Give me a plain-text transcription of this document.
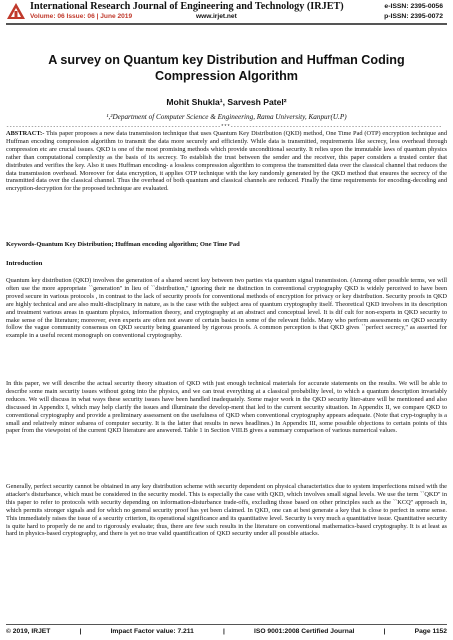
International Research Journal of Engineering and Technology (IRJET)
Volume: 06 Issue: 06 | June 2019	www.irjet.net
e-ISSN: 2395-0056
p-ISSN: 2395-0072
A survey on Quantum key Distribution and Huffman Coding Compression Algorithm
Mohit Shukla¹, Sarvesh Patel²
¹,²Department of Computer Science & Engineering, Rama University, Kanpur(U.P)
---------------------------------------------------------------------***--------------------------------------------------------------------
ABSTRACT:- This paper proposes a new data transmission technique that uses Quantum Key Distribution (QKD) method, One Time Pad (OTP) encryption technique and Huffman encoding compression algorithm to transmit the data more securely and efficiently. While data is transmitted, requirements like secrecy, less overhead through compression etc are crucial issues. QKD is one of the most promising methods which provide unconditional security. It relies upon the immutable laws of quantum physics rather than computational complexity as the basis of its secrecy. To establish the trust between the sender and the receiver, this paper considers a trusted center that distributes and verifies the key. Also it uses Huffman encoding- a lossless compression algorithm to compress the transmitted data over the classical channel that reduces the data transmission overhead. Moreover for data encryption, it applies OTP technique with the key randomly generated by the QKD method that ensures the secrecy of the transmitted data over the classical channel. Thus the overhead of both quantum and classical channels are reduced. Finally the time requirements for encoding-decoding and encryption-decryption for the proposed technique are evaluated.
Keywords-Quantum Key Distribution; Huffman encoding algorithm; One Time Pad
Introduction
Quantum key distribution (QKD) involves the generation of a shared secret key between two parties via quantum signal transmission. (Among other possible terms, we will often use the more appropriate ``generation'' in lieu of ``distribution,'' ignoring their ne distinction in conventional cryptography QKD is widely perceived to have been proved secure in various protocols , in contrast to the lack of security proofs for conventional methods of encryption for privacy or key distribution. Security proofs in QKD are highly technical and are also multi-disciplinary in nature, as is the case with the subject area of quantum cryptography itself. Theoretical QKD involves in its description and treatment various areas in quantum physics, information theory, and cryptography at an abstract and conceptual level. It is dif cult for non-experts in QKD security to make sense of the literature; moreover, even experts are often not aware of certain basics in some of the relevant fields. Many who perform assessments on QKD security follow the vague community consensus on QKD security being guaranteed by rigorous proofs. A common perception is that QKD gives ``perfect secrecy,'' as asserted for example in a useful recent monograph on conventional cryptography.
In this paper, we will describe the actual security theory situation of QKD with just enough technical materials for accurate statements on the results. We will be able to describe some main security issues without going into the physics, and we can treat everything at a classical probability level, to which a quantum description invariably reduces. We will discuss in what ways these security issues have been handled inadequately. Some major work in the QKD security liter-ature will be mentioned and also discussed in Appendix I, which may help clarify the issues and illuminate the develop-ment that led to the current security situation. In Appendix II, we compare QKD to conventional cryptography and provide a preliminary assessment on the usefulness of QKD when conventional cryptography appears adequate. (Note that cryp-tography is a small and relatively minor subarea of computer security. It is the latter that results in news headlines.) In Appendix III, some possible objections to certain points of this paper from the viewpoint of the current QKD literature are answered. Table 1 in Section VIII.B gives a summary comparison of various numerical values.
Generally, perfect security cannot be obtained in any key distribution scheme with security dependent on physical characteristics due to system imperfections mixed with the attacker's disturbance, which must be considered in the security model. This is especially the case with QKD, which involves small signal levels. We use the term ``QKD'' in this paper to refer to protocols with security depending on information-disturbance trade-offs, excluding those based on other principles such as the ``KCQ'' approach in, which permits stronger signals and for which no general security proof has yet been claimed. In QKD, one can at best generate a key that is close to perfect in some sense. This immediately raises the issue of a security criterion, its operational significance and its quantitative level. Security is very much a quantitative issue. Quantitative security is quite hard to properly de ne and to rigorously evaluate; thus, there are few such results in the literature on conventional mathematics-based cryptography. It is at least as hard in physics-based cryptography, and there is yet no true valid quantification of QKD security under all possible attacks.
© 2019, IRJET	|	Impact Factor value: 7.211	|	ISO 9001:2008 Certified Journal	|	Page 1152
